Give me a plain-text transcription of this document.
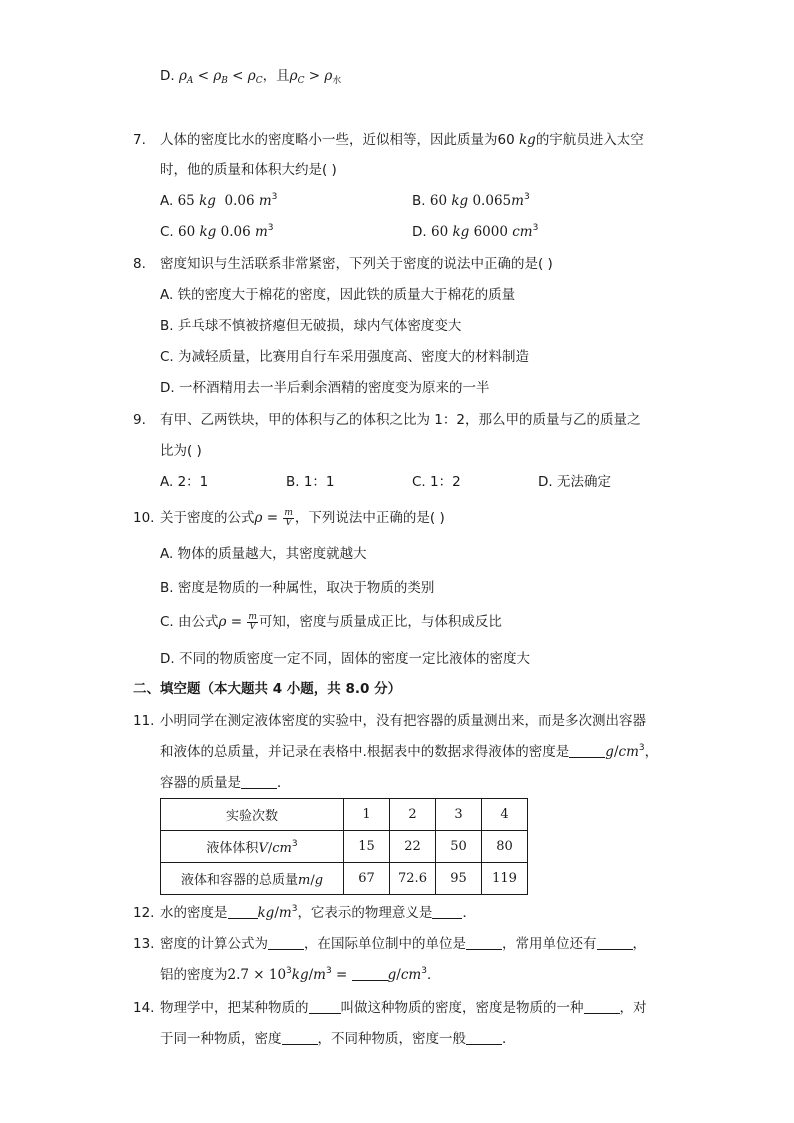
D. $\rho_A < \rho_B < \rho_C$，且$\rho_C > \rho_水$
7. 人体的密度比水的密度略小一些，近似相等，因此质量为60 kg的宇航员进入太空
时，他的质量和体积大约是( )
A. 65 kg 0.06 $m^3$	B. 60 kg $0.065m^3$
C. 60 kg 0.06 $m^3$	D. 60 kg 6000 $cm^3$
8. 密度知识与生活联系非常紧密，下列关于密度的说法中正确的是( )
A. 铁的密度大于棉花的密度，因此铁的质量大于棉花的质量
B. 乒乓球不慎被挤瘪但无破损，球内气体密度变大
C. 为减轻质量，比赛用自行车采用强度高、密度大的材料制造
D. 一杯酒精用去一半后剩余酒精的密度变为原来的一半
9. 有甲、乙两铁块，甲的体积与乙的体积之比为 1：2，那么甲的质量与乙的质量之
比为( )
A. 2：1	B. 1：1	C. 1：2	D. 无法确定
10. 关于密度的公式$\rho = \frac{m}{V}$ ，下列说法中正确的是( )
A. 物体的质量越大，其密度就越大
B. 密度是物质的一种属性，取决于物质的类别
C. 由公式$\rho = \frac{m}{V}$ 可知，密度与质量成正比，与体积成反比
D. 不同的物质密度一定不同，固体的密度一定比液体的密度大
二、填空题（本大题共 4 小题，共 8.0 分）
11. 小明同学在测定液体密度的实验中，没有把容器的质量测出来，而是多次测出容器
和液体的总质量，并记录在表格中.根据表中的数据求得液体的密度是	$g/cm^3$，
容器的质量是	．
实验次数	1	2	3	4
液体体积$V/cm^3$	15	22	50	80
液体和容器的总质量m/g	67	72.6	95	119
12. 水的密度是 $kg/m^3$，它表示的物理意义是 ．
13. 密度的计算公式为	，在国际单位制中的单位是	，常用单位还有	，
铝的密度为$2.7 \times 10^3kg/m^3$ =	$g/cm^3$．
14. 物理学中，把某种物质的 叫做这种物质的密度，密度是物质的一种	，对
于同一种物质，密度	，不同种物质，密度一般	．
